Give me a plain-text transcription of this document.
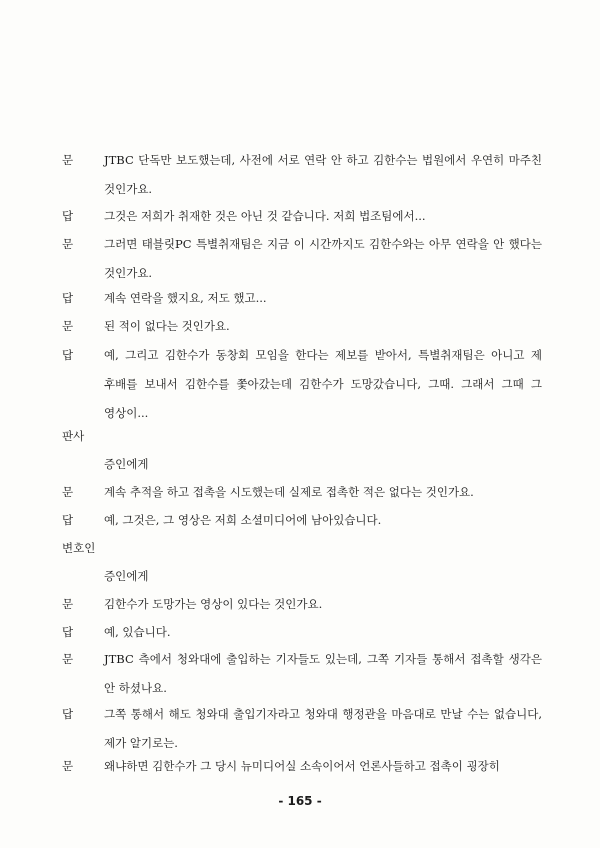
문	JTBC 단독만 보도했는데, 사전에 서로 연락 안 하고 김한수는 법원에서 우연히 마주친 것인가요.
답	그것은 저희가 취재한 것은 아닌 것 같습니다. 저희 법조팀에서...
문	그러면 태블릿PC 특별취재팀은 지금 이 시간까지도 김한수와는 아무 연락을 안 했다는 것인가요.
답	계속 연락을 했지요, 저도 했고...
문	된 적이 없다는 것인가요.
답	예, 그리고 김한수가 동창회 모임을 한다는 제보를 받아서, 특별취재팀은 아니고 제 후배를 보내서 김한수를 쫓아갔는데 김한수가 도망갔습니다, 그때. 그래서 그때 그 영상이...
판사
증인에게
문	계속 추적을 하고 접촉을 시도했는데 실제로 접촉한 적은 없다는 것인가요.
답	예, 그것은, 그 영상은 저희 소셜미디어에 남아있습니다.
변호인
증인에게
문	김한수가 도망가는 영상이 있다는 것인가요.
답	예, 있습니다.
문	JTBC 측에서 청와대에 출입하는 기자들도 있는데, 그쪽 기자들 통해서 접촉할 생각은 안 하셨나요.
답	그쪽 통해서 해도 청와대 출입기자라고 청와대 행정관을 마음대로 만날 수는 없습니다, 제가 알기로는.
문	왜냐하면 김한수가 그 당시 뉴미디어실 소속이어서 언론사들하고 접촉이 굉장히
- 165 -
